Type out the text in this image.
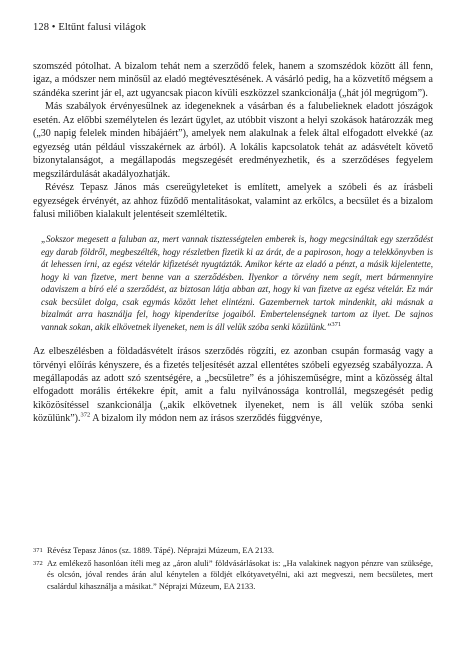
128 • Eltűnt falusi világok

szomszéd pótolhat. A bizalom tehát nem a szerződő felek, hanem a szomszédok között áll fenn, igaz, a módszer nem minősül az eladó megtévesztésének. A vásárló pedig, ha a közvetítő mégsem a szándéka szerint jár el, azt ugyancsak piacon kívüli eszközzel szankcionálja („hát jól megrúgom”).

Más szabályok érvényesülnek az idegeneknek a vásárban és a falubelieknek eladott jószágok esetén. Az előbbi személytelen és lezárt ügylet, az utóbbit viszont a helyi szokások határozzák meg („30 napig felelek minden hibájáért”), amelyek nem alakulnak a felek által elfogadott elvekké (az egyezség után például visszakérnek az árból). A lokális kapcsolatok tehát az adásvételt követő bizonytalanságot, a megállapodás megszegését eredményezhetik, és a szerződéses fegyelem megszilárdulását akadályozhatják.

Révész Tepasz János más csereügyleteket is említett, amelyek a szóbeli és az írásbeli egyezségek érvényét, az ahhoz fűződő mentalitásokat, valamint az erkölcs, a becsület és a bizalom falusi miliőben kialakult jelentéseit szemléltetik.

„Sokszor megesett a faluban az, mert vannak tisztességtelen emberek is, hogy megcsináltak egy szerződést egy darab földről, megbeszélték, hogy részletben fizetik ki az árát, de a papiroson, hogy a telekkönyvben is át lehessen írni, az egész vételár kifizetését nyugtázták. Amikor kérte az eladó a pénzt, a másik kijelentette, hogy ki van fizetve, mert benne van a szerződésben. Ilyenkor a törvény nem segít, mert bármennyire odaviszem a bíró elé a szerződést, az biztosan látja abban azt, hogy ki van fizetve az egész vételár. Ez már csak becsület dolga, csak egymás között lehet elintézni. Gazembernek tartok mindenkit, aki másnak a bizalmát arra használja fel, hogy kipenderítse jogaiból. Embertelenségnek tartom az ilyet. De sajnos vannak sokan, akik elkövetnek ilyeneket, nem is áll velük szóba senki közülünk.”$^{371}$

Az elbeszélésben a földadásvételt írásos szerződés rögzíti, ez azonban csupán formaság vagy a törvényi előírás kényszere, és a fizetés teljesítését azzal ellentétes szóbeli egyezség szabályozza. A megállapodás az adott szó szentségére, a „becsületre” és a jóhiszeműségre, mint a közösség által elfogadott morális értékekre épít, amit a falu nyilvánossága kontrollál, megszegését pedig kiközösítéssel szankcionálja („akik elkövetnek ilyeneket, nem is áll velük szóba senki közülünk”).$^{372}$ A bizalom ily módon nem az írásos szerződés függvénye,

371 Révész Tepasz János (sz. 1889. Tápé). Néprajzi Múzeum, EA 2133.
372 Az emlékező hasonlóan ítéli meg az „áron aluli” földvásárlásokat is: „Ha valakinek nagyon pénzre van szüksége, és olcsón, jóval rendes árán alul kénytelen a földjét elkótyavetyélni, aki azt megveszi, nem becsületes, mert csalárdul kihasználja a másikat.” Néprajzi Múzeum, EA 2133.
